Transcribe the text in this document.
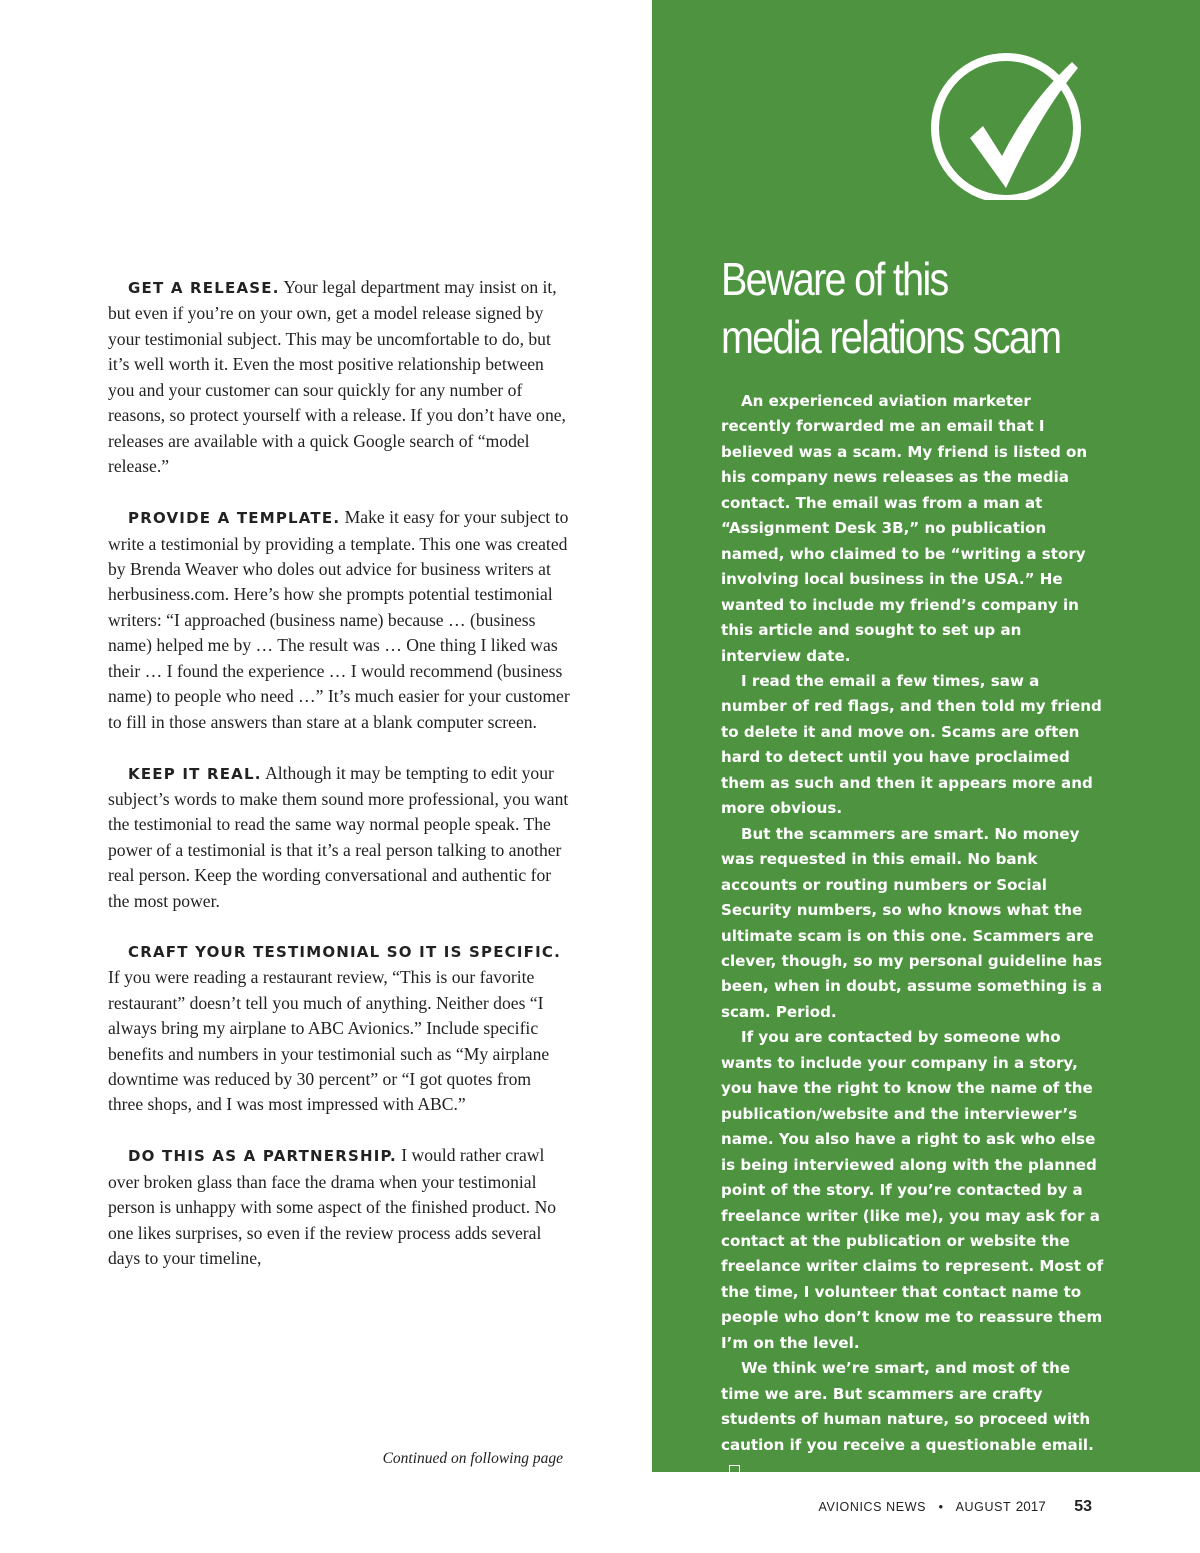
GET A RELEASE. Your legal department may insist on it, but even if you’re on your own, get a model release signed by your testimonial subject. This may be uncomfortable to do, but it’s well worth it. Even the most positive relationship between you and your customer can sour quickly for any number of reasons, so protect yourself with a release. If you don’t have one, releases are available with a quick Google search of “model release.”

PROVIDE A TEMPLATE. Make it easy for your subject to write a testimonial by providing a template. This one was created by Brenda Weaver who doles out advice for business writers at herbusiness.com. Here’s how she prompts potential testimonial writers: “I approached (business name) because … (business name) helped me by … The result was … One thing I liked was their … I found the experience … I would recommend (business name) to people who need …” It’s much easier for your customer to fill in those answers than stare at a blank computer screen.

KEEP IT REAL. Although it may be tempting to edit your subject’s words to make them sound more professional, you want the testimonial to read the same way normal people speak. The power of a testimonial is that it’s a real person talking to another real person. Keep the wording conversational and authentic for the most power.

CRAFT YOUR TESTIMONIAL SO IT IS SPECIFIC.
If you were reading a restaurant review, “This is our favorite restaurant” doesn’t tell you much of anything. Neither does “I always bring my airplane to ABC Avionics.” Include specific benefits and numbers in your testimonial such as “My airplane downtime was reduced by 30 percent” or “I got quotes from three shops, and I was most impressed with ABC.”

DO THIS AS A PARTNERSHIP. I would rather crawl over broken glass than face the drama when your testimonial person is unhappy with some aspect of the finished product. No one likes surprises, so even if the review process adds several days to your timeline,

Continued on following page
Beware of this
media relations scam

An experienced aviation marketer recently forwarded me an email that I believed was a scam. My friend is listed on his company news releases as the media contact. The email was from a man at “Assignment Desk 3B,” no publication named, who claimed to be “writing a story involving local business in the USA.” He wanted to include my friend’s company in this article and sought to set up an interview date.

I read the email a few times, saw a number of red flags, and then told my friend to delete it and move on. Scams are often hard to detect until you have proclaimed them as such and then it appears more and more obvious.

But the scammers are smart. No money was requested in this email. No bank accounts or routing numbers or Social Security numbers, so who knows what the ultimate scam is on this one. Scammers are clever, though, so my personal guideline has been, when in doubt, assume something is a scam. Period.

If you are contacted by someone who wants to include your company in a story, you have the right to know the name of the publication/website and the interviewer’s name. You also have a right to ask who else is being interviewed along with the planned point of the story. If you’re contacted by a freelance writer (like me), you may ask for a contact at the publication or website the freelance writer claims to represent. Most of the time, I volunteer that contact name to people who don’t know me to reassure them I’m on the level.

We think we’re smart, and most of the time we are. But scammers are crafty students of human nature, so proceed with caution if you receive a questionable email.

AVIONICS NEWS • AUGUST 2017 53
